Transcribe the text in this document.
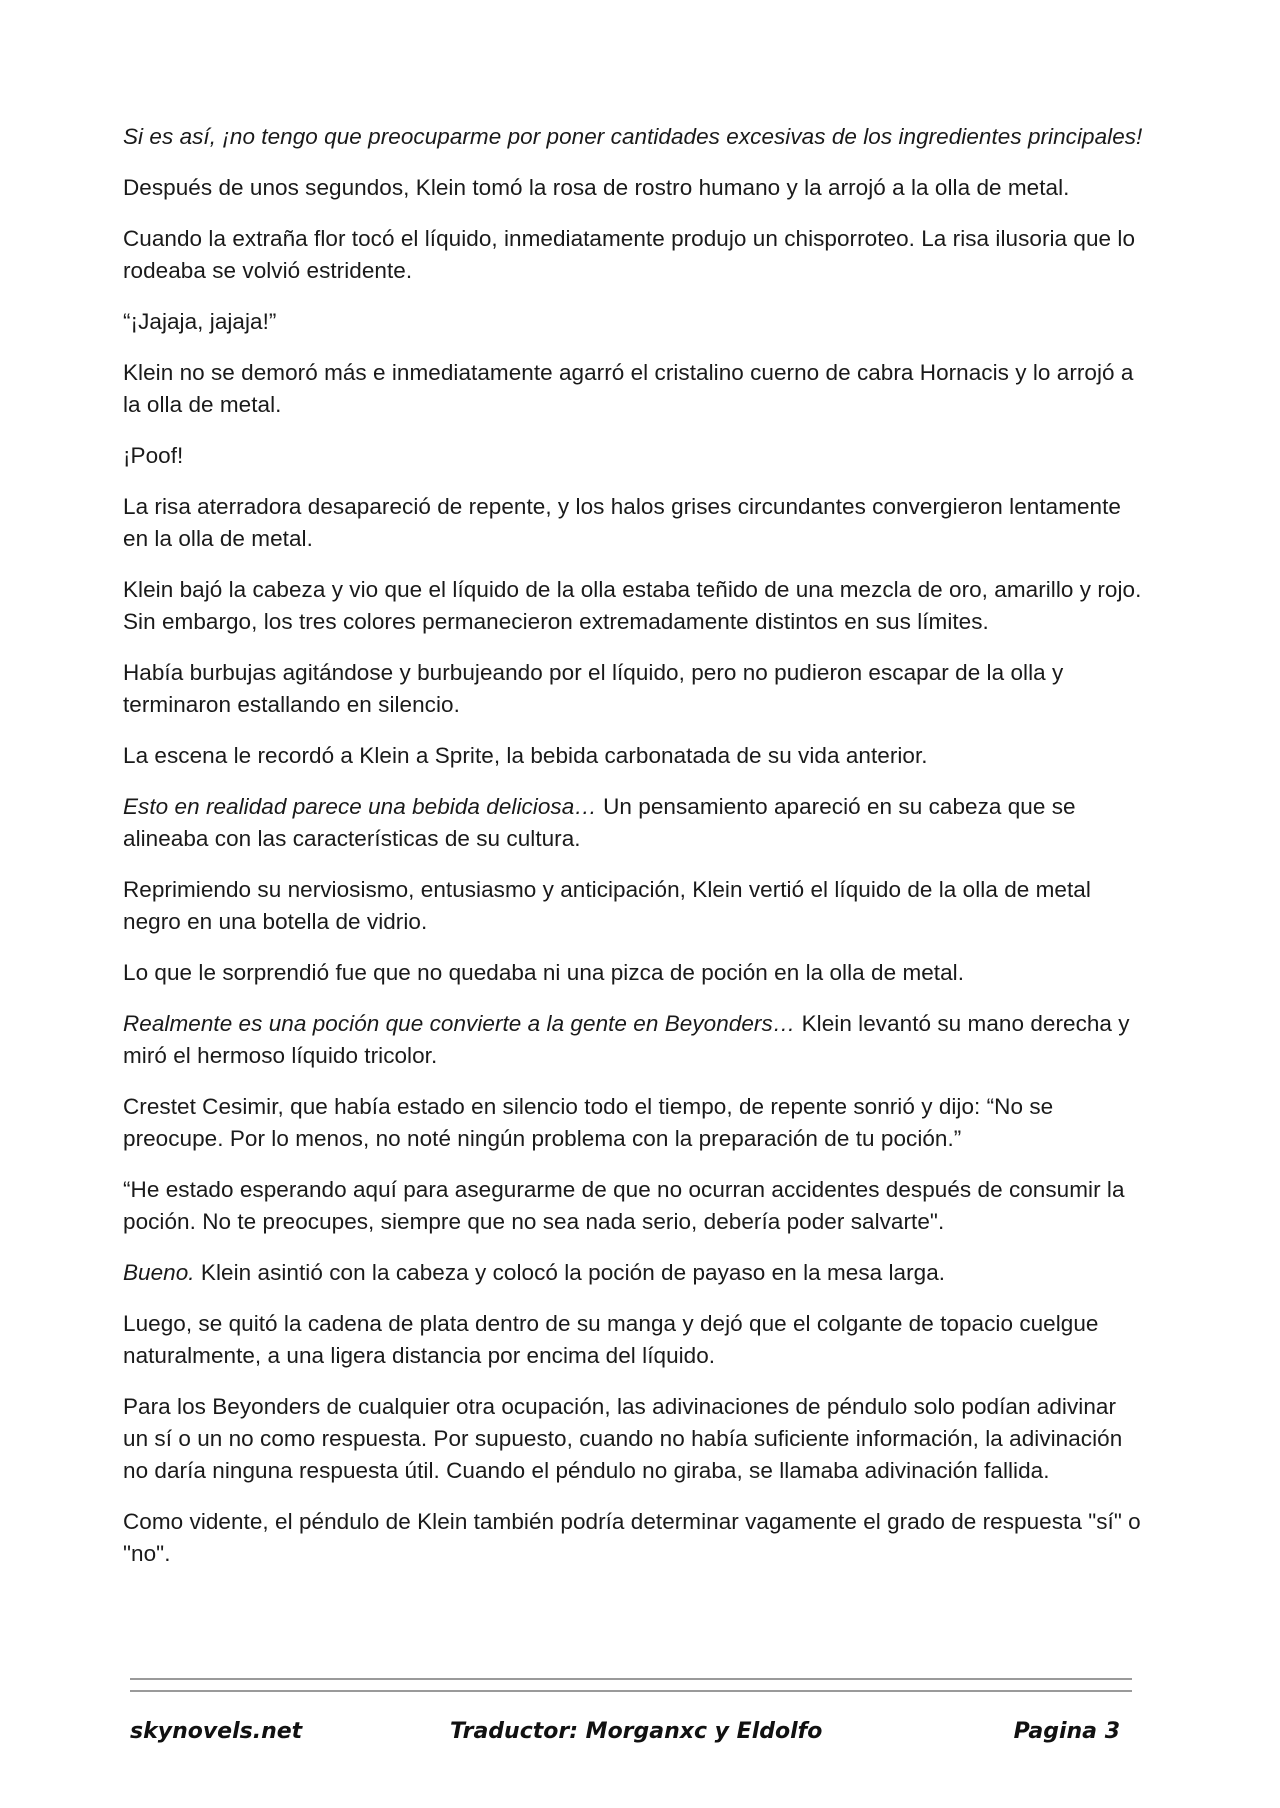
Si es así, ¡no tengo que preocuparme por poner cantidades excesivas de los ingredientes principales!

Después de unos segundos, Klein tomó la rosa de rostro humano y la arrojó a la olla de metal.

Cuando la extraña flor tocó el líquido, inmediatamente produjo un chisporroteo. La risa ilusoria que lo rodeaba se volvió estridente.

“¡Jajaja, jajaja!”

Klein no se demoró más e inmediatamente agarró el cristalino cuerno de cabra Hornacis y lo arrojó a la olla de metal.

¡Poof!

La risa aterradora desapareció de repente, y los halos grises circundantes convergieron lentamente en la olla de metal.

Klein bajó la cabeza y vio que el líquido de la olla estaba teñido de una mezcla de oro, amarillo y rojo. Sin embargo, los tres colores permanecieron extremadamente distintos en sus límites.

Había burbujas agitándose y burbujeando por el líquido, pero no pudieron escapar de la olla y terminaron estallando en silencio.

La escena le recordó a Klein a Sprite, la bebida carbonatada de su vida anterior.

Esto en realidad parece una bebida deliciosa… Un pensamiento apareció en su cabeza que se alineaba con las características de su cultura.

Reprimiendo su nerviosismo, entusiasmo y anticipación, Klein vertió el líquido de la olla de metal negro en una botella de vidrio.

Lo que le sorprendió fue que no quedaba ni una pizca de poción en la olla de metal.

Realmente es una poción que convierte a la gente en Beyonders… Klein levantó su mano derecha y miró el hermoso líquido tricolor.

Crestet Cesimir, que había estado en silencio todo el tiempo, de repente sonrió y dijo: “No se preocupe. Por lo menos, no noté ningún problema con la preparación de tu poción.”

“He estado esperando aquí para asegurarme de que no ocurran accidentes después de consumir la poción. No te preocupes, siempre que no sea nada serio, debería poder salvarte".

Bueno. Klein asintió con la cabeza y colocó la poción de payaso en la mesa larga.

Luego, se quitó la cadena de plata dentro de su manga y dejó que el colgante de topacio cuelgue naturalmente, a una ligera distancia por encima del líquido.

Para los Beyonders de cualquier otra ocupación, las adivinaciones de péndulo solo podían adivinar un sí o un no como respuesta. Por supuesto, cuando no había suficiente información, la adivinación no daría ninguna respuesta útil. Cuando el péndulo no giraba, se llamaba adivinación fallida.

Como vidente, el péndulo de Klein también podría determinar vagamente el grado de respuesta "sí" o "no".

skynovels.net	Traductor: Morganxc y Eldolfo	Pagina 3
